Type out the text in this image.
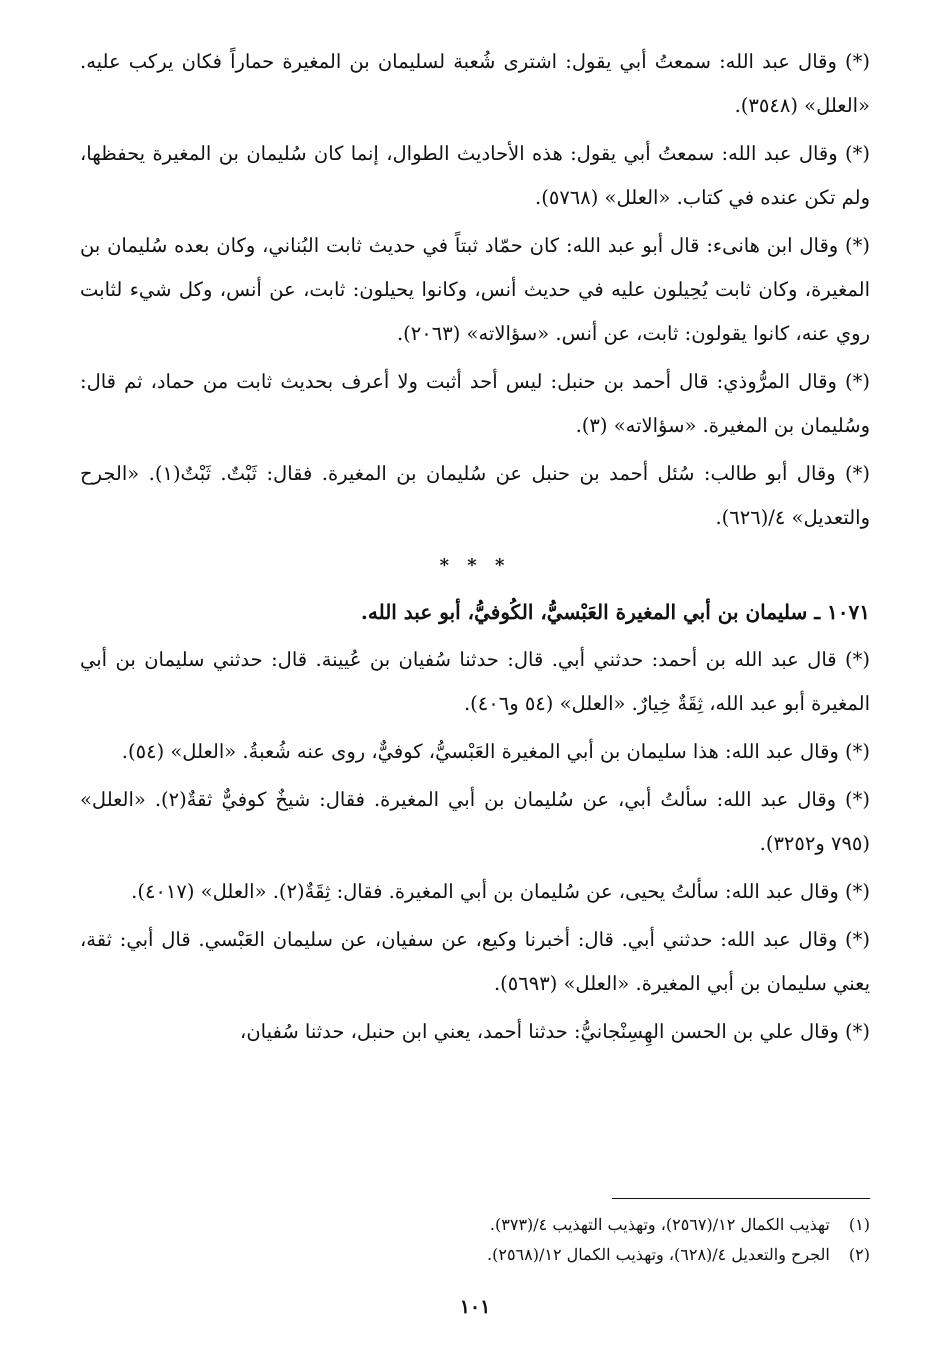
(*) وقال عبد الله: سمعتُ أبي يقول: اشترى شُعبة لسليمان بن المغيرة حماراً فكان يركب عليه. «العلل» (٣٥٤٨).

(*) وقال عبد الله: سمعتُ أبي يقول: هذه الأحاديث الطوال، إنما كان سُليمان بن المغيرة يحفظها، ولم تكن عنده في كتاب. «العلل» (٥٧٦٨).

(*) وقال ابن هانىء: قال أبو عبد الله: كان حمّاد ثبتاً في حديث ثابت البُناني، وكان بعده سُليمان بن المغيرة، وكان ثابت يُحِيلون عليه في حديث أنس، وكانوا يحيلون: ثابت، عن أنس، وكل شيء لثابت روي عنه، كانوا يقولون: ثابت، عن أنس. «سؤالاته» (٢٠٦٣).

(*) وقال المرُّوذي: قال أحمد بن حنبل: ليس أحد أثبت ولا أعرف بحديث ثابت من حماد، ثم قال: وسُليمان بن المغيرة. «سؤالاته» (٣).

(*) وقال أبو طالب: سُئل أحمد بن حنبل عن سُليمان بن المغيرة. فقال: ثَبْتٌ. ثَبْتٌ(١). «الجرح والتعديل» ٤/(٦٢٦).

* * *
١٠٧١ ـ سليمان بن أبي المغيرة العَبْسيُّ، الكُوفيُّ، أبو عبد الله.

(*) قال عبد الله بن أحمد: حدثني أبي. قال: حدثنا سُفيان بن عُيينة. قال: حدثني سليمان بن أبي المغيرة أبو عبد الله، ثِقَةٌ خِيارٌ. «العلل» (٥٤ و٤٠٦).

(*) وقال عبد الله: هذا سليمان بن أبي المغيرة العَبْسيُّ، كوفيٌّ، روى عنه شُعبةُ. «العلل» (٥٤).

(*) وقال عبد الله: سألتُ أبي، عن سُليمان بن أبي المغيرة. فقال: شيخٌ كوفيٌّ ثقةٌ(٢). «العلل» (٧٩٥ و٣٢٥٢).

(*) وقال عبد الله: سألتُ يحيى، عن سُليمان بن أبي المغيرة. فقال: ثِقَةٌ(٢). «العلل» (٤٠١٧).

(*) وقال عبد الله: حدثني أبي. قال: أخبرنا وكيع، عن سفيان، عن سليمان العَبْسي. قال أبي: ثقة، يعني سليمان بن أبي المغيرة. «العلل» (٥٦٩٣).

(*) وقال علي بن الحسن الهِسِنْجانيُّ: حدثنا أحمد، يعني ابن حنبل، حدثنا سُفيان،

(١) تهذيب الكمال ١٢/(٢٥٦٧)، وتهذيب التهذيب ٤/(٣٧٣).

(٢) الجرح والتعديل ٤/(٦٢٨)، وتهذيب الكمال ١٢/(٢٥٦٨).

١٠١
